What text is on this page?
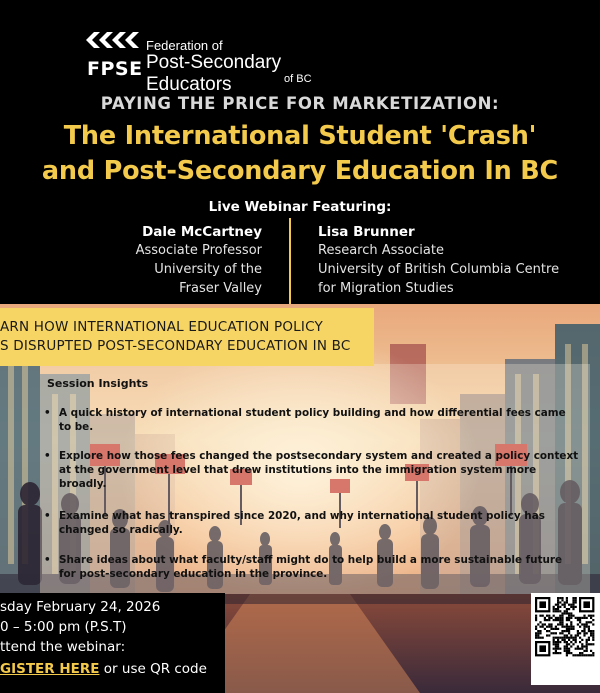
FPSE
Federation of
Post-Secondary Educators	of BC
PAYING THE PRICE FOR MARKETIZATION:
The International Student 'Crash'
and Post-Secondary Education In BC
Live Webinar Featuring:
Dale McCartney
Associate Professor
University of the
Fraser Valley
Lisa Brunner
Research Associate
University of British Columbia Centre
for Migration Studies
ARN HOW INTERNATIONAL EDUCATION POLICY
S DISRUPTED POST-SECONDARY EDUCATION IN BC
Session Insights
• A quick history of international student policy building and how differential fees came to be.
• Explore how those fees changed the postsecondary system and created a policy context at the government level that drew institutions into the immigration system more broadly.
• Examine what has transpired since 2020, and why international student policy has changed so radically.
• Share ideas about what faculty/staff might do to help build a more sustainable future for post-secondary education in the province.
sday February 24, 2026
0 – 5:00 pm (P.S.T)
ttend the webinar:
GISTER HERE or use QR code
